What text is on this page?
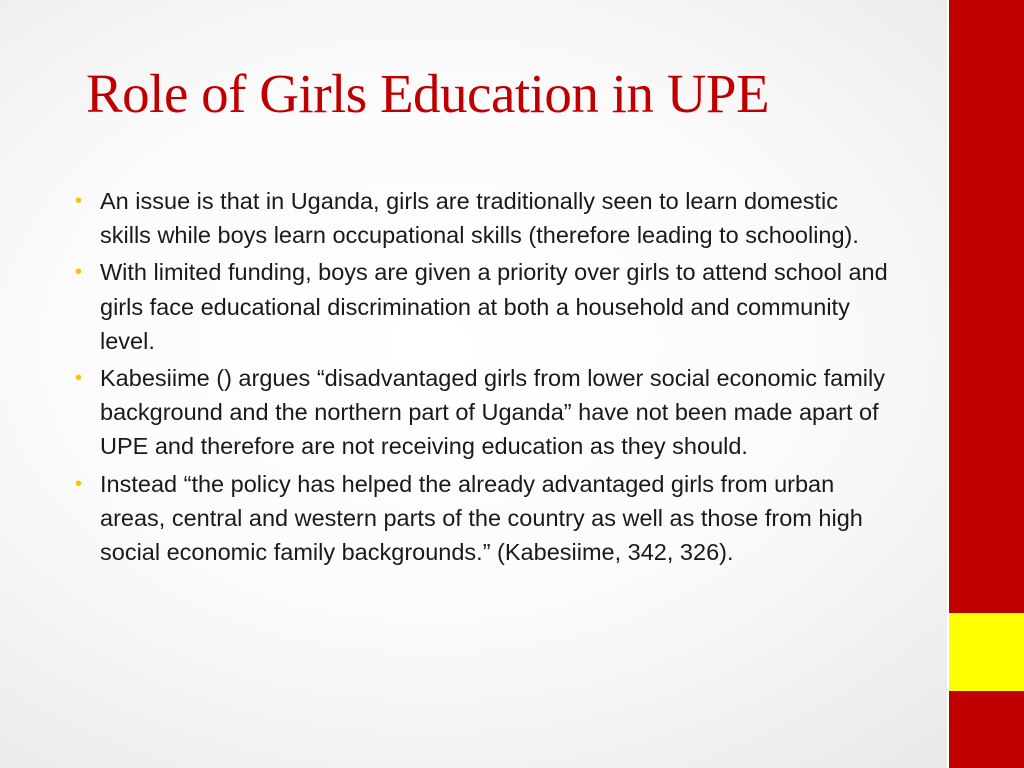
Role of Girls Education in UPE
• An issue is that in Uganda, girls are traditionally seen to learn domestic skills while boys learn occupational skills (therefore leading to schooling).
• With limited funding, boys are given a priority over girls to attend school and girls face educational discrimination at both a household and community level.
• Kabesiime () argues “disadvantaged girls from lower social economic family background and the northern part of Uganda” have not been made apart of UPE and therefore are not receiving education as they should.
• Instead “the policy has helped the already advantaged girls from urban areas, central and western parts of the country as well as those from high social economic family backgrounds.” (Kabesiime, 342, 326).
